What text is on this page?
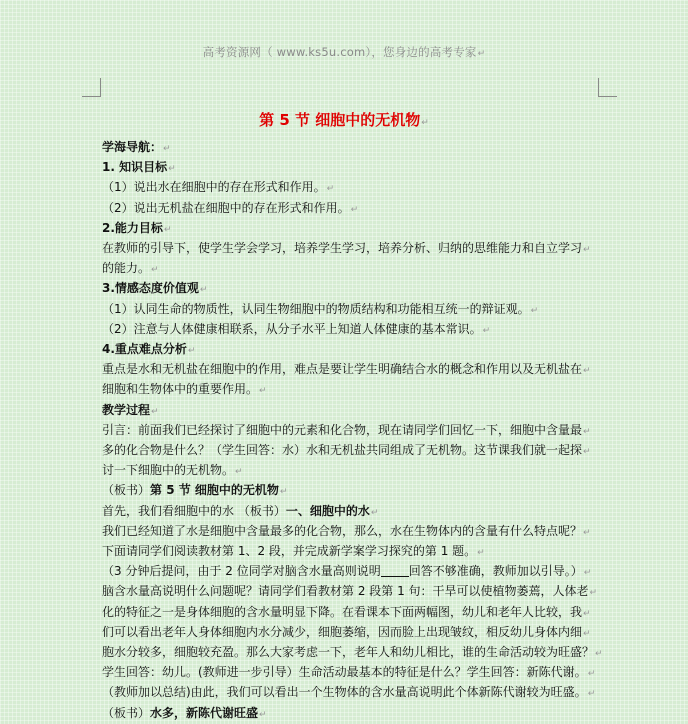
高考资源网（ www.ks5u.com），您身边的高考专家↵
第 5 节 细胞中的无机物↵
学海导航：↵
1. 知识目标↵
（1）说出水在细胞中的存在形式和作用。↵
（2）说出无机盐在细胞中的存在形式和作用。↵
2.能力目标↵
在教师的引导下，使学生学会学习，培养学生学习，培养分析、归纳的思维能力和自立学习↵
的能力。↵
3.情感态度价值观↵
（1）认同生命的物质性，认同生物细胞中的物质结构和功能相互统一的辩证观。↵
（2）注意与人体健康相联系，从分子水平上知道人体健康的基本常识。↵
4.重点难点分析↵
重点是水和无机盐在细胞中的作用，难点是要让学生明确结合水的概念和作用以及无机盐在↵
细胞和生物体中的重要作用。↵
教学过程↵
引言：前面我们已经探讨了细胞中的元素和化合物，现在请同学们回忆一下，细胞中含量最↵
多的化合物是什么？（学生回答：水）水和无机盐共同组成了无机物。这节课我们就一起探↵
讨一下细胞中的无机物。↵
（板书）第 5 节 细胞中的无机物↵
首先，我们看细胞中的水 （板书）一、细胞中的水↵
我们已经知道了水是细胞中含量最多的化合物，那么，水在生物体内的含量有什么特点呢？↵
下面请同学们阅读教材第 1、2 段，并完成新学案学习探究的第 1 题。↵
（3 分钟后提问，由于 2 位同学对脑含水量高则说明 回答不够准确，教师加以引导。）↵
脑含水量高说明什么问题呢？请同学们看教材第 2 段第 1 句：干旱可以使植物萎蔫，人体老↵
化的特征之一是身体细胞的含水量明显下降。在看课本下面两幅图，幼儿和老年人比较，我↵
们可以看出老年人身体细胞内水分减少，细胞萎缩，因而脸上出现皱纹，相反幼儿身体内细↵
胞水分较多，细胞较充盈。那么大家考虑一下，老年人和幼儿相比，谁的生命活动较为旺盛？↵
学生回答：幼儿。(教师进一步引导）生命活动最基本的特征是什么？学生回答：新陈代谢。↵
（教师加以总结)由此，我们可以看出一个生物体的含水量高说明此个体新陈代谢较为旺盛。↵
（板书）水多，新陈代谢旺盛↵
